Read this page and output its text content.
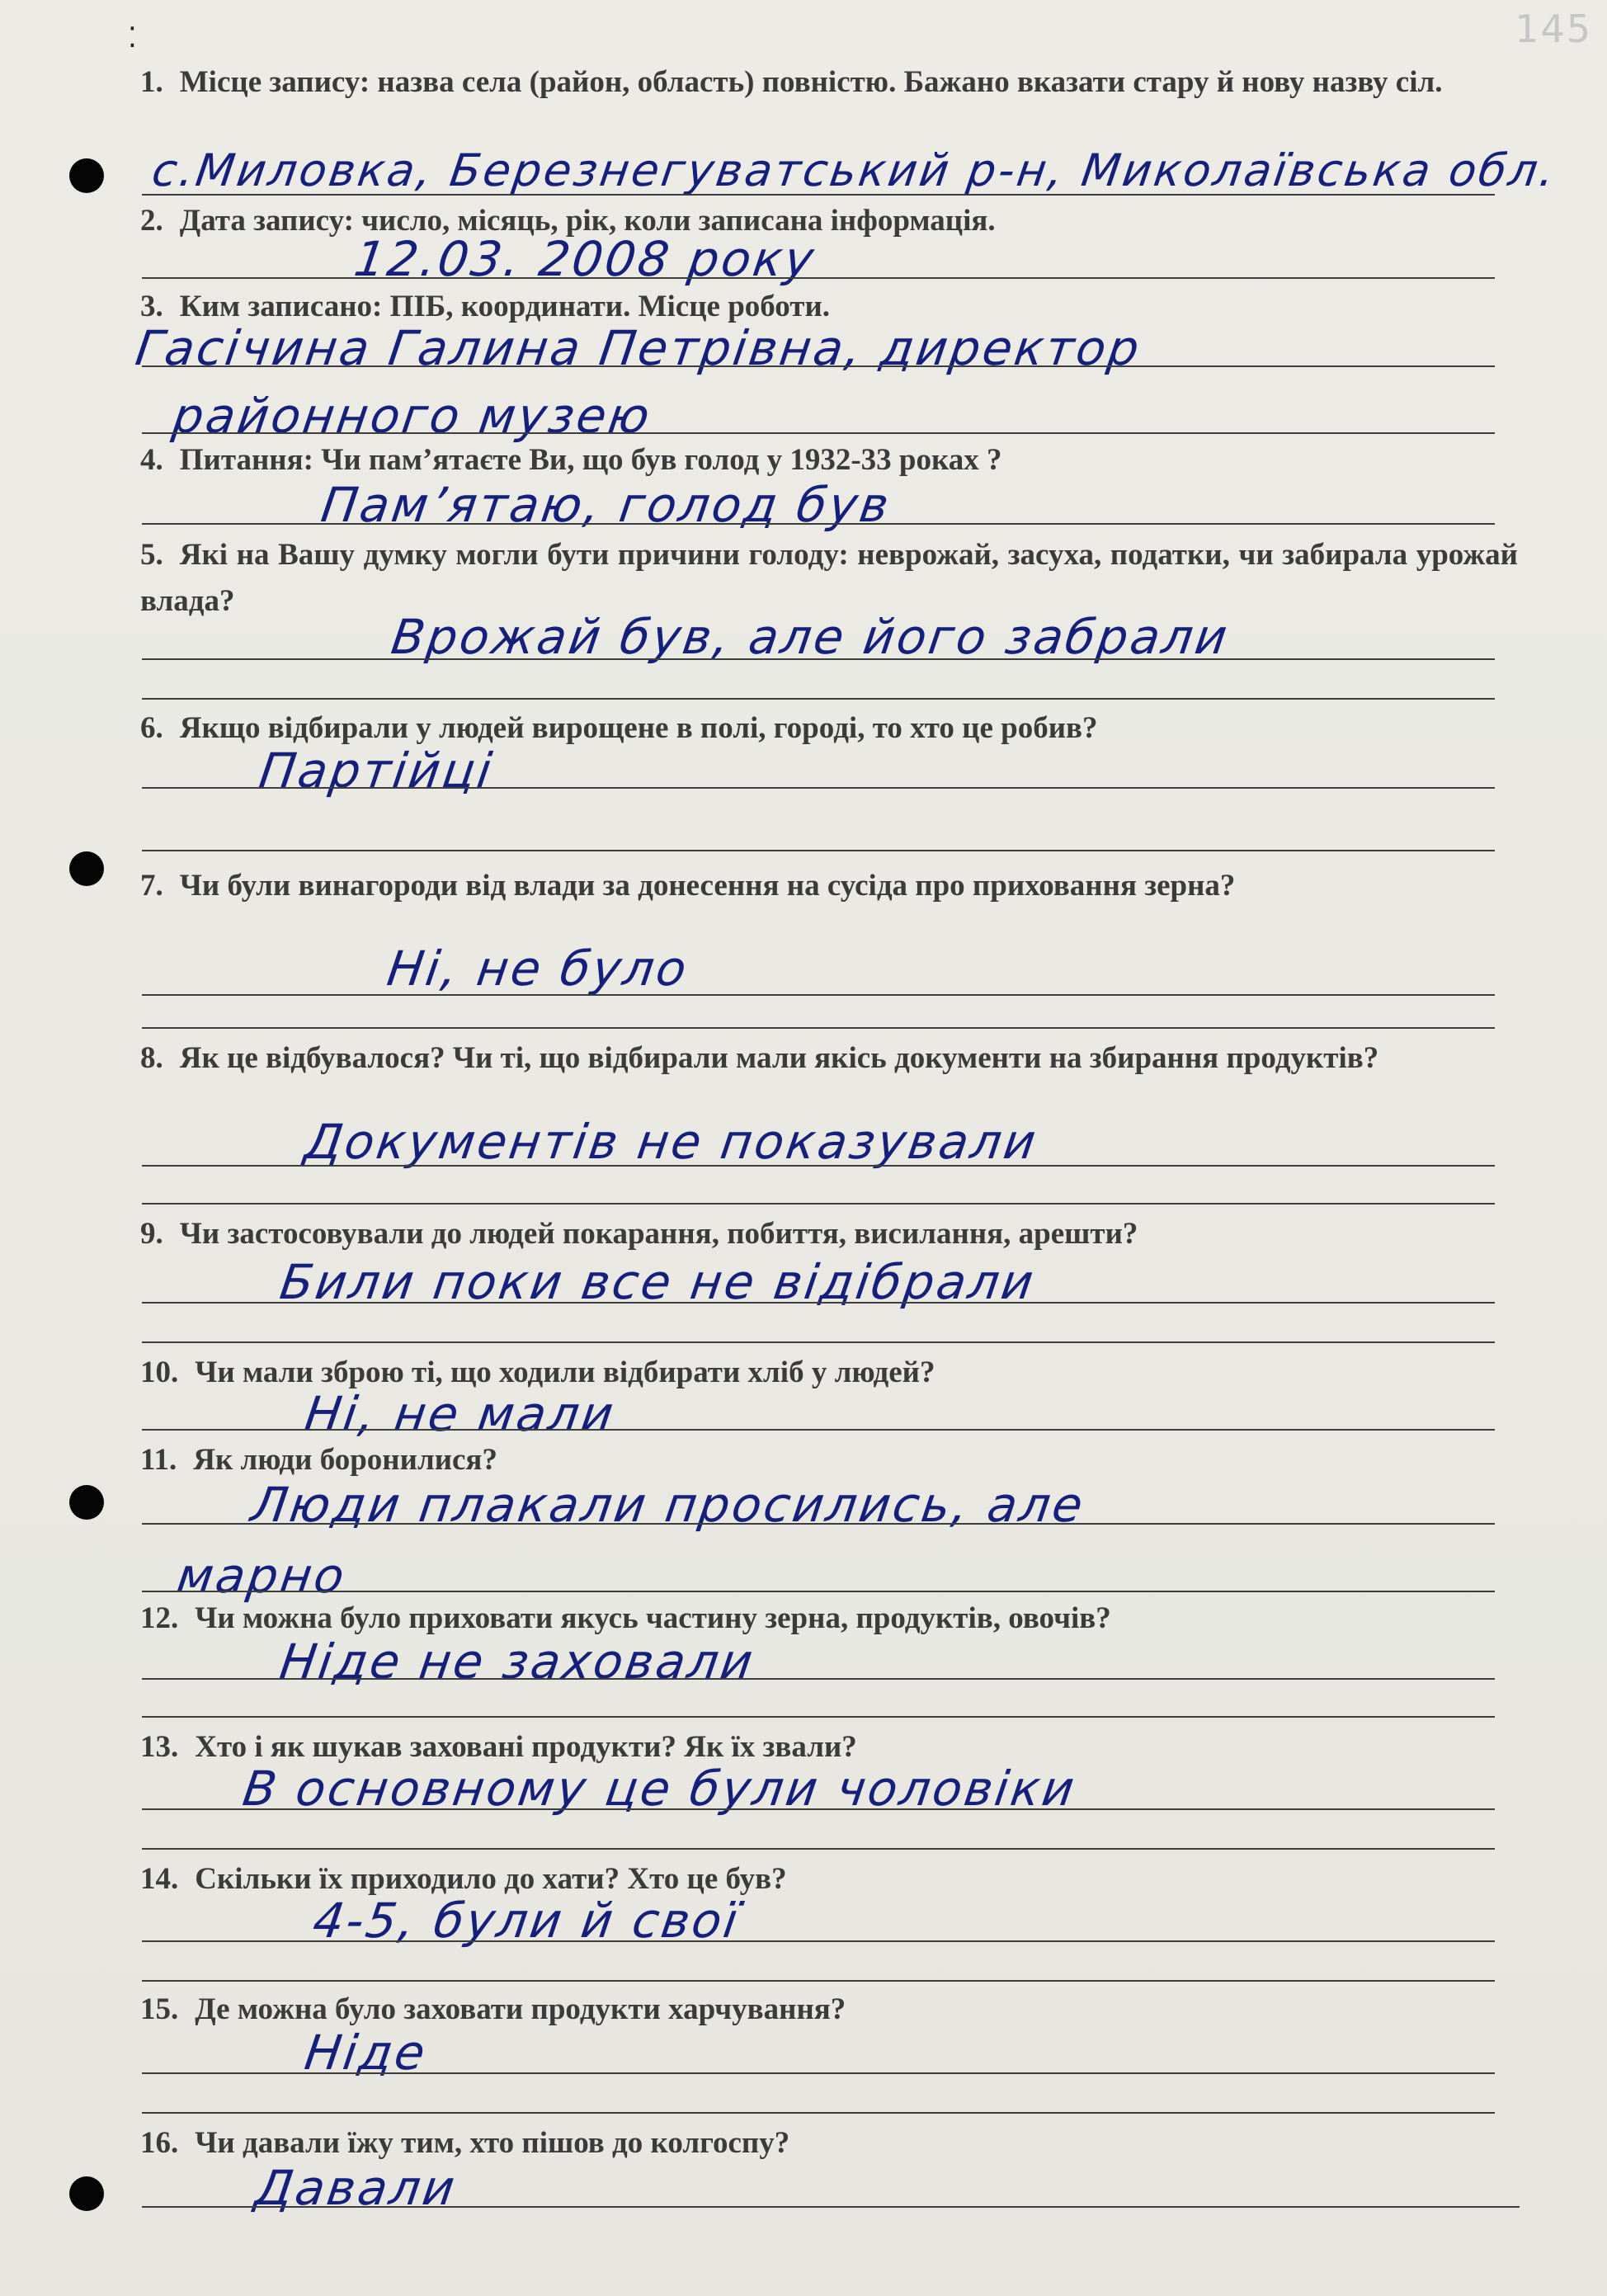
145
⁚
1. Місце запису: назва села (район, область) повністю. Бажано вказати стару й нову назву сіл.
с.Миловка, Березнегуватський р-н, Миколаївська обл.
2. Дата запису: число, місяць, рік, коли записана інформація.
12.03. 2008 року
3. Ким записано: ПІБ, координати. Місце роботи.
Гасічина Галина Петрівна, директор
районного музею
4. Питання: Чи пам’ятаєте Ви, що був голод у 1932-33 роках ?
Пам’ятаю, голод був
5. Які на Вашу думку могли бути причини голоду: неврожай, засуха, податки, чи забирала урожай влада?
Врожай був, але його забрали
6. Якщо відбирали у людей вирощене в полі, городі, то хто це робив?
Партійці
7. Чи були винагороди від влади за донесення на сусіда про приховання зерна?
Ні, не було
8. Як це відбувалося? Чи ті, що відбирали мали якісь документи на збирання продуктів?
Документів не показували
9. Чи застосовували до людей покарання, побиття, висилання, арешти?
Били поки все не відібрали
10. Чи мали зброю ті, що ходили відбирати хліб у людей?
Ні, не мали
11. Як люди боронилися?
Люди плакали просились, але
марно
12. Чи можна було приховати якусь частину зерна, продуктів, овочів?
Ніде не заховали
13. Хто і як шукав заховані продукти? Як їх звали?
В основному це були чоловіки
14. Скільки їх приходило до хати? Хто це був?
4-5, були й свої
15. Де можна було заховати продукти харчування?
Ніде
16. Чи давали їжу тим, хто пішов до колгоспу?
Давали
